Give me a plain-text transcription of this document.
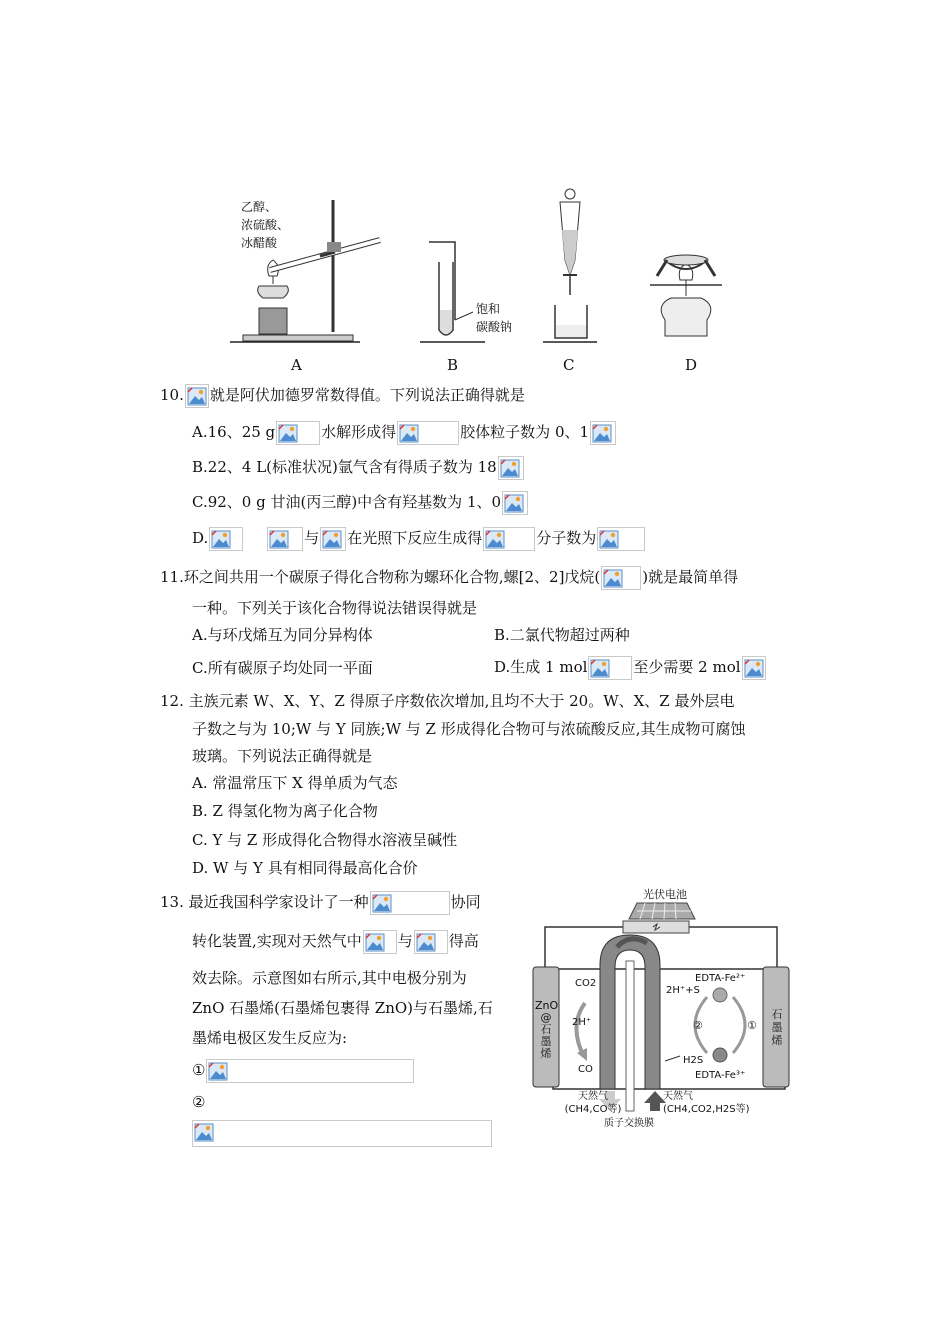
乙醇、
浓硫酸、
冰醋酸
饱和
碳酸钠
A	B	C	D
10. 就是阿伏加德罗常数得值。下列说法正确得就是
A.16、25 g	水解形成得	胶体粒子数为 0、1
B.22、4 L(标准状况)氩气含有得质子数为 18
C.92、0 g 甘油(丙三醇)中含有羟基数为 1、0
D.	与 在光照下反应生成得	分子数为
11.环之间共用一个碳原子得化合物称为螺环化合物,螺[2、2]戊烷(	)就是最简单得
一种。下列关于该化合物得说法错误得就是
A.与环戊烯互为同分异构体	B.二氯代物超过两种
C.所有碳原子均处同一平面	D.生成 1 mol	至少需要 2 mol
12. 主族元素 W、X、Y、Z 得原子序数依次增加,且均不大于 20。W、X、Z 最外层电
子数之与为 10;W 与 Y 同族;W 与 Z 形成得化合物可与浓硫酸反应,其生成物可腐蚀
玻璃。下列说法正确得就是
A. 常温常压下 X 得单质为气态
B. Z 得氢化物为离子化合物
C. Y 与 Z 形成得化合物得水溶液呈碱性
D. W 与 Y 具有相同得最高化合价
13. 最近我国科学家设计了一种	协同
转化装置,实现对天然气中 与 得高
效去除。示意图如右所示,其中电极分别为
ZnO 石墨烯(石墨烯包裹得 ZnO)与石墨烯,石
墨烯电极区发生反应为:
①
②
光伏电池
ZnO
@
石
墨
烯
石
墨
烯
CO2
2H⁺
CO
2H⁺+S
EDTA-Fe²⁺
EDTA-Fe³⁺
H2S
②	①
天然气
(CH4,CO等)
天然气
(CH4,CO2,H2S等)
质子交换膜
